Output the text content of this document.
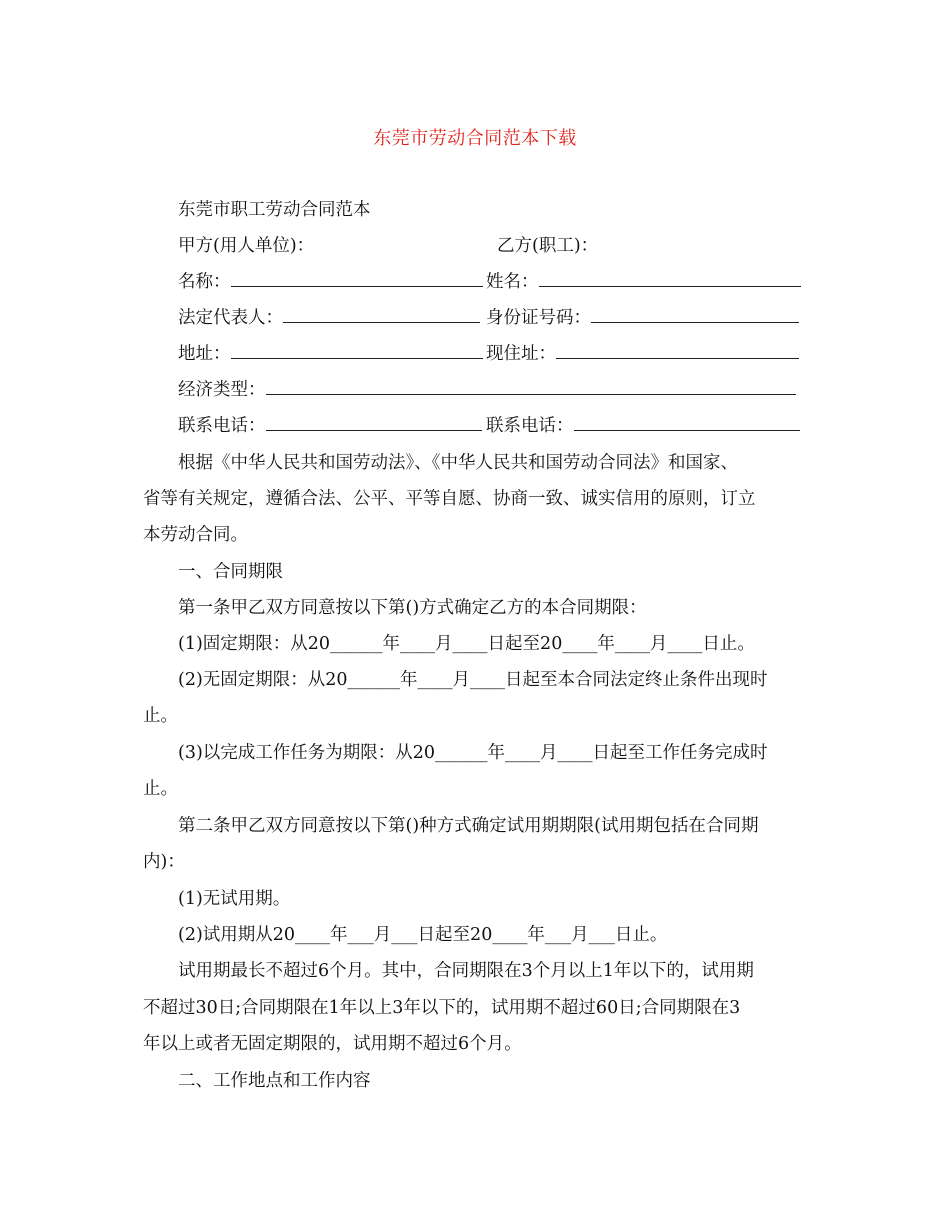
东莞市劳动合同范本下载
东莞市职工劳动合同范本
甲方(用人单位)：	乙方(职工)：
名称：	姓名：
法定代表人：	身份证号码：
地址：	现住址：
经济类型：
联系电话：	联系电话：
根据《中华人民共和国劳动法》、《中华人民共和国劳动合同法》和国家、
省等有关规定，遵循合法、公平、平等自愿、协商一致、诚实信用的原则，订立
本劳动合同。
一、合同期限
第一条甲乙双方同意按以下第()方式确定乙方的本合同期限：
(1)固定期限：从20______年____月____日起至20____年____月____日止。
(2)无固定期限：从20______年____月____日起至本合同法定终止条件出现时
止。
(3)以完成工作任务为期限：从20______年____月____日起至工作任务完成时
止。
第二条甲乙双方同意按以下第()种方式确定试用期期限(试用期包括在合同期
内)：
(1)无试用期。
(2)试用期从20____年___月___日起至20____年___月___日止。
试用期最长不超过6个月。其中，合同期限在3个月以上1年以下的，试用期
不超过30日;合同期限在1年以上3年以下的，试用期不超过60日;合同期限在3
年以上或者无固定期限的，试用期不超过6个月。
二、工作地点和工作内容
